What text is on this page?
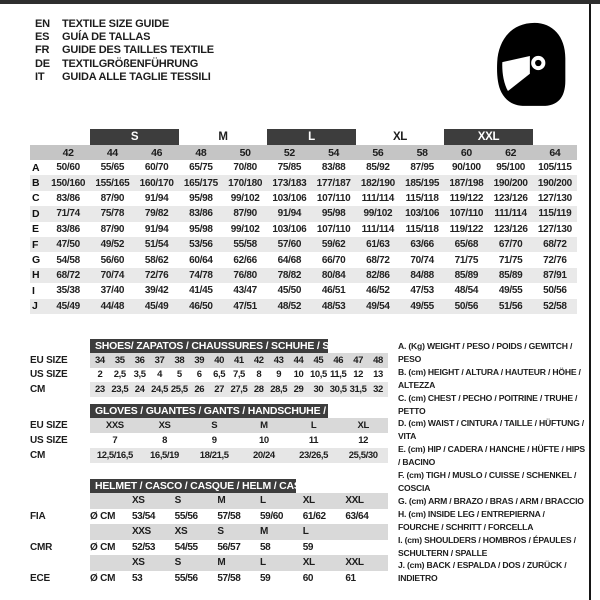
EN	TEXTILE SIZE GUIDE
ES	GUÍA DE TALLAS
FR	GUIDE DES TAILLES TEXTILE
DE	TEXTILGRÖßENFÜHRUNG
IT	GUIDA ALLE TAGLIE TESSILI
		S		M		L		XL		XXL		
	42	44	46	48	50	52	54	56	58	60	62	64
A	50/60	55/65	60/70	65/75	70/80	75/85	83/88	85/92	87/95	90/100	95/100	105/115
B	150/160	155/165	160/170	165/175	170/180	173/183	177/187	182/190	185/195	187/198	190/200	190/200
C	83/86	87/90	91/94	95/98	99/102	103/106	107/110	111/114	115/118	119/122	123/126	127/130
D	71/74	75/78	79/82	83/86	87/90	91/94	95/98	99/102	103/106	107/110	111/114	115/119
E	83/86	87/90	91/94	95/98	99/102	103/106	107/110	111/114	115/118	119/122	123/126	127/130
F	47/50	49/52	51/54	53/56	55/58	57/60	59/62	61/63	63/66	65/68	67/70	68/72
G	54/58	56/60	58/62	60/64	62/66	64/68	66/70	68/72	70/74	71/75	71/75	72/76
H	68/72	70/74	72/76	74/78	76/80	78/82	80/84	82/86	84/88	85/89	85/89	87/91
I	35/38	37/40	39/42	41/45	43/47	45/50	46/51	46/52	47/53	48/54	49/55	50/56
J	45/49	44/48	45/49	46/50	47/51	48/52	48/53	49/54	49/55	50/56	51/56	52/58
SHOES/ ZAPATOS / CHAUSSURES / SCHUHE / SCARPE
EU SIZE	34	35	36	37	38	39	40	41	42	43	44	45	46	47	48
US SIZE	2	2,5 3,5	4	5	6	6,5 7,5	8	9	10 10,5 11,5 12	13
CM	23 23,5 24 24,5 25,5 26	27 27,5 28 28,5 29	30 30,5 31,5 32
GLOVES / GUANTES / GANTS / HANDSCHUHE / GUANTI
EU SIZE	XXS	XS	S	M	L	XL
US SIZE	7	8	9	10	11	12
CM	12,5/16,5	16,5/19	18/21,5	20/24	23/26,5	25,5/30
HELMET / CASCO / CASQUE / HELM / CASCO
XS	S	M	L	XL	XXL
FIA	Ø CM	53/54	55/56	57/58	59/60	61/62	63/64
XXS	XS	S	M	L
CMR	Ø CM	52/53	54/55	56/57	58	59
XS	S	M	L	XL	XXL
ECE	Ø CM	53	55/56	57/58	59	60	61
A. (Kg) WEIGHT / PESO / POIDS / GEWITCH / PESO
B. (cm) HEIGHT / ALTURA / HAUTEUR / HÖHE / ALTEZZA
C. (cm) CHEST / PECHO / POITRINE / TRUHE / PETTO
D. (cm) WAIST / CINTURA / TAILLE / HÜFTUNG / VITA
E. (cm) HIP / CADERA / HANCHE / HÜFTE / HIPS / BACINO
F. (cm) TIGH / MUSLO / CUISSE / SCHENKEL / COSCIA
G. (cm) ARM / BRAZO / BRAS / ARM / BRACCIO
H. (cm) INSIDE LEG / ENTREPIERNA / FOURCHE / SCHRITT / FORCELLA
I. (cm) SHOULDERS / HOMBROS / ÉPAULES / SCHULTERN / SPALLE
J. (cm) BACK / ESPALDA / DOS / ZURÜCK / INDIETRO
